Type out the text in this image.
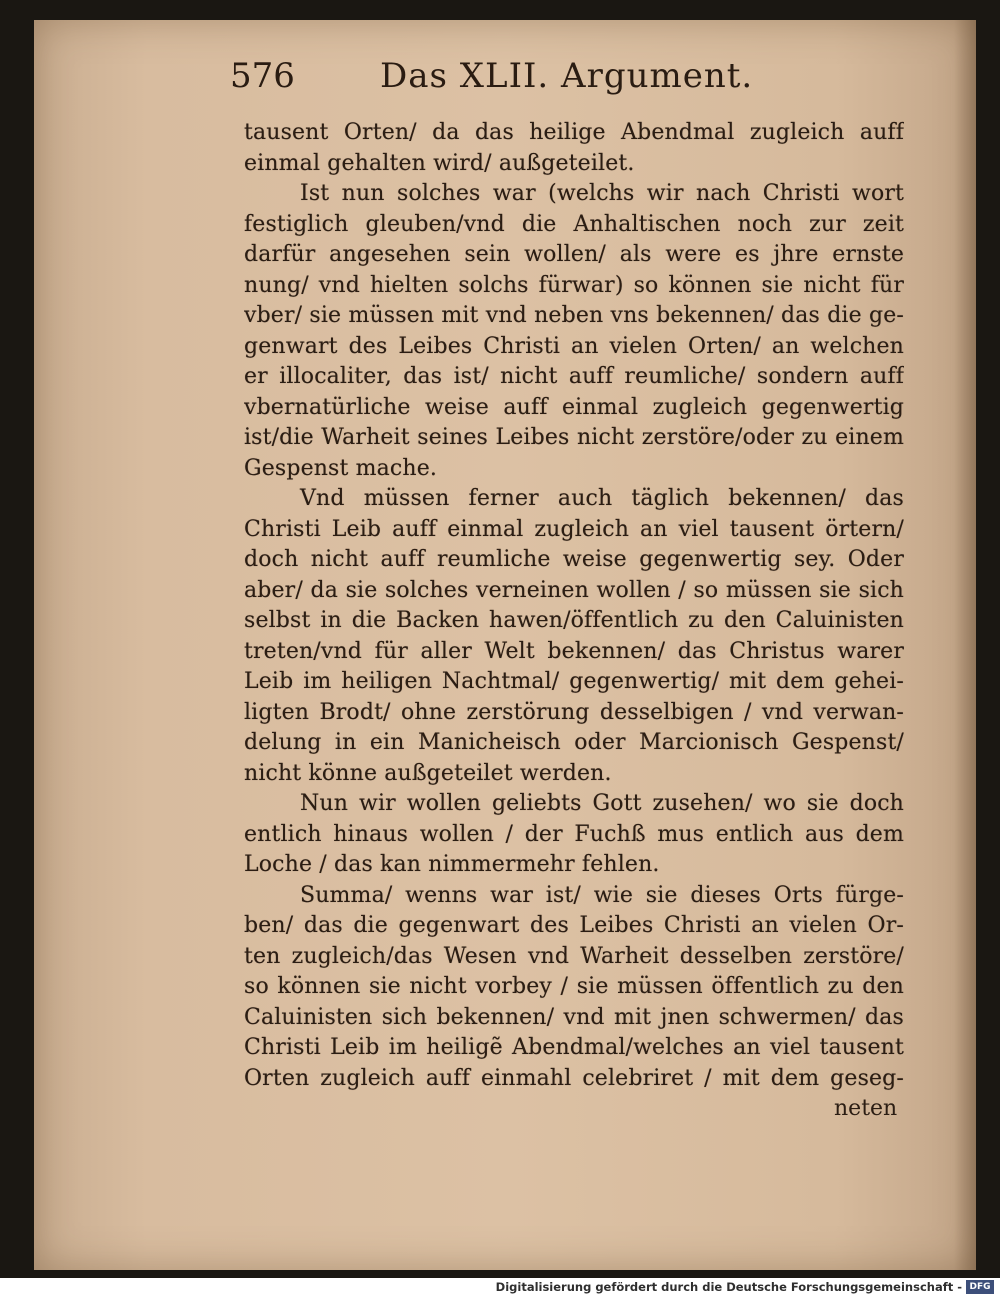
576	Das XLII. Argument.
tausent Orten/ da das heilige Abendmal zugleich auff
einmal gehalten wird/ außgeteilet.
Ist nun solches war (welchs wir nach Christi wort
festiglich gleuben/vnd die Anhaltischen noch zur zeit
darfür angesehen sein wollen/ als were es jhre ernste
nung/ vnd hielten solchs fürwar) so können sie nicht für
vber/ sie müssen mit vnd neben vns bekennen/ das die ge-
genwart des Leibes Christi an vielen Orten/ an welchen
er illocaliter, das ist/ nicht auff reumliche/ sondern auff
vbernatürliche weise auff einmal zugleich gegenwertig
ist/die Warheit seines Leibes nicht zerstöre/oder zu einem
Gespenst mache.
Vnd müssen ferner auch täglich bekennen/ das
Christi Leib auff einmal zugleich an viel tausent örtern/
doch nicht auff reumliche weise gegenwertig sey. Oder
aber/ da sie solches verneinen wollen / so müssen sie sich
selbst in die Backen hawen/öffentlich zu den Caluinisten
treten/vnd für aller Welt bekennen/ das Christus warer
Leib im heiligen Nachtmal/ gegenwertig/ mit dem gehei-
ligten Brodt/ ohne zerstörung desselbigen / vnd verwan-
delung in ein Manicheisch oder Marcionisch Gespenst/
nicht könne außgeteilet werden.
Nun wir wollen geliebts Gott zusehen/ wo sie doch
entlich hinaus wollen / der Fuchß mus entlich aus dem
Loche / das kan nimmermehr fehlen.
Summa/ wenns war ist/ wie sie dieses Orts fürge-
ben/ das die gegenwart des Leibes Christi an vielen Or-
ten zugleich/das Wesen vnd Warheit desselben zerstöre/
so können sie nicht vorbey / sie müssen öffentlich zu den
Caluinisten sich bekennen/ vnd mit jnen schwermen/ das
Christi Leib im heiligẽ Abendmal/welches an viel tausent
Orten zugleich auff einmahl celebriret / mit dem geseg-
neten
Digitalisierung gefördert durch die Deutsche Forschungsgemeinschaft - DFG
